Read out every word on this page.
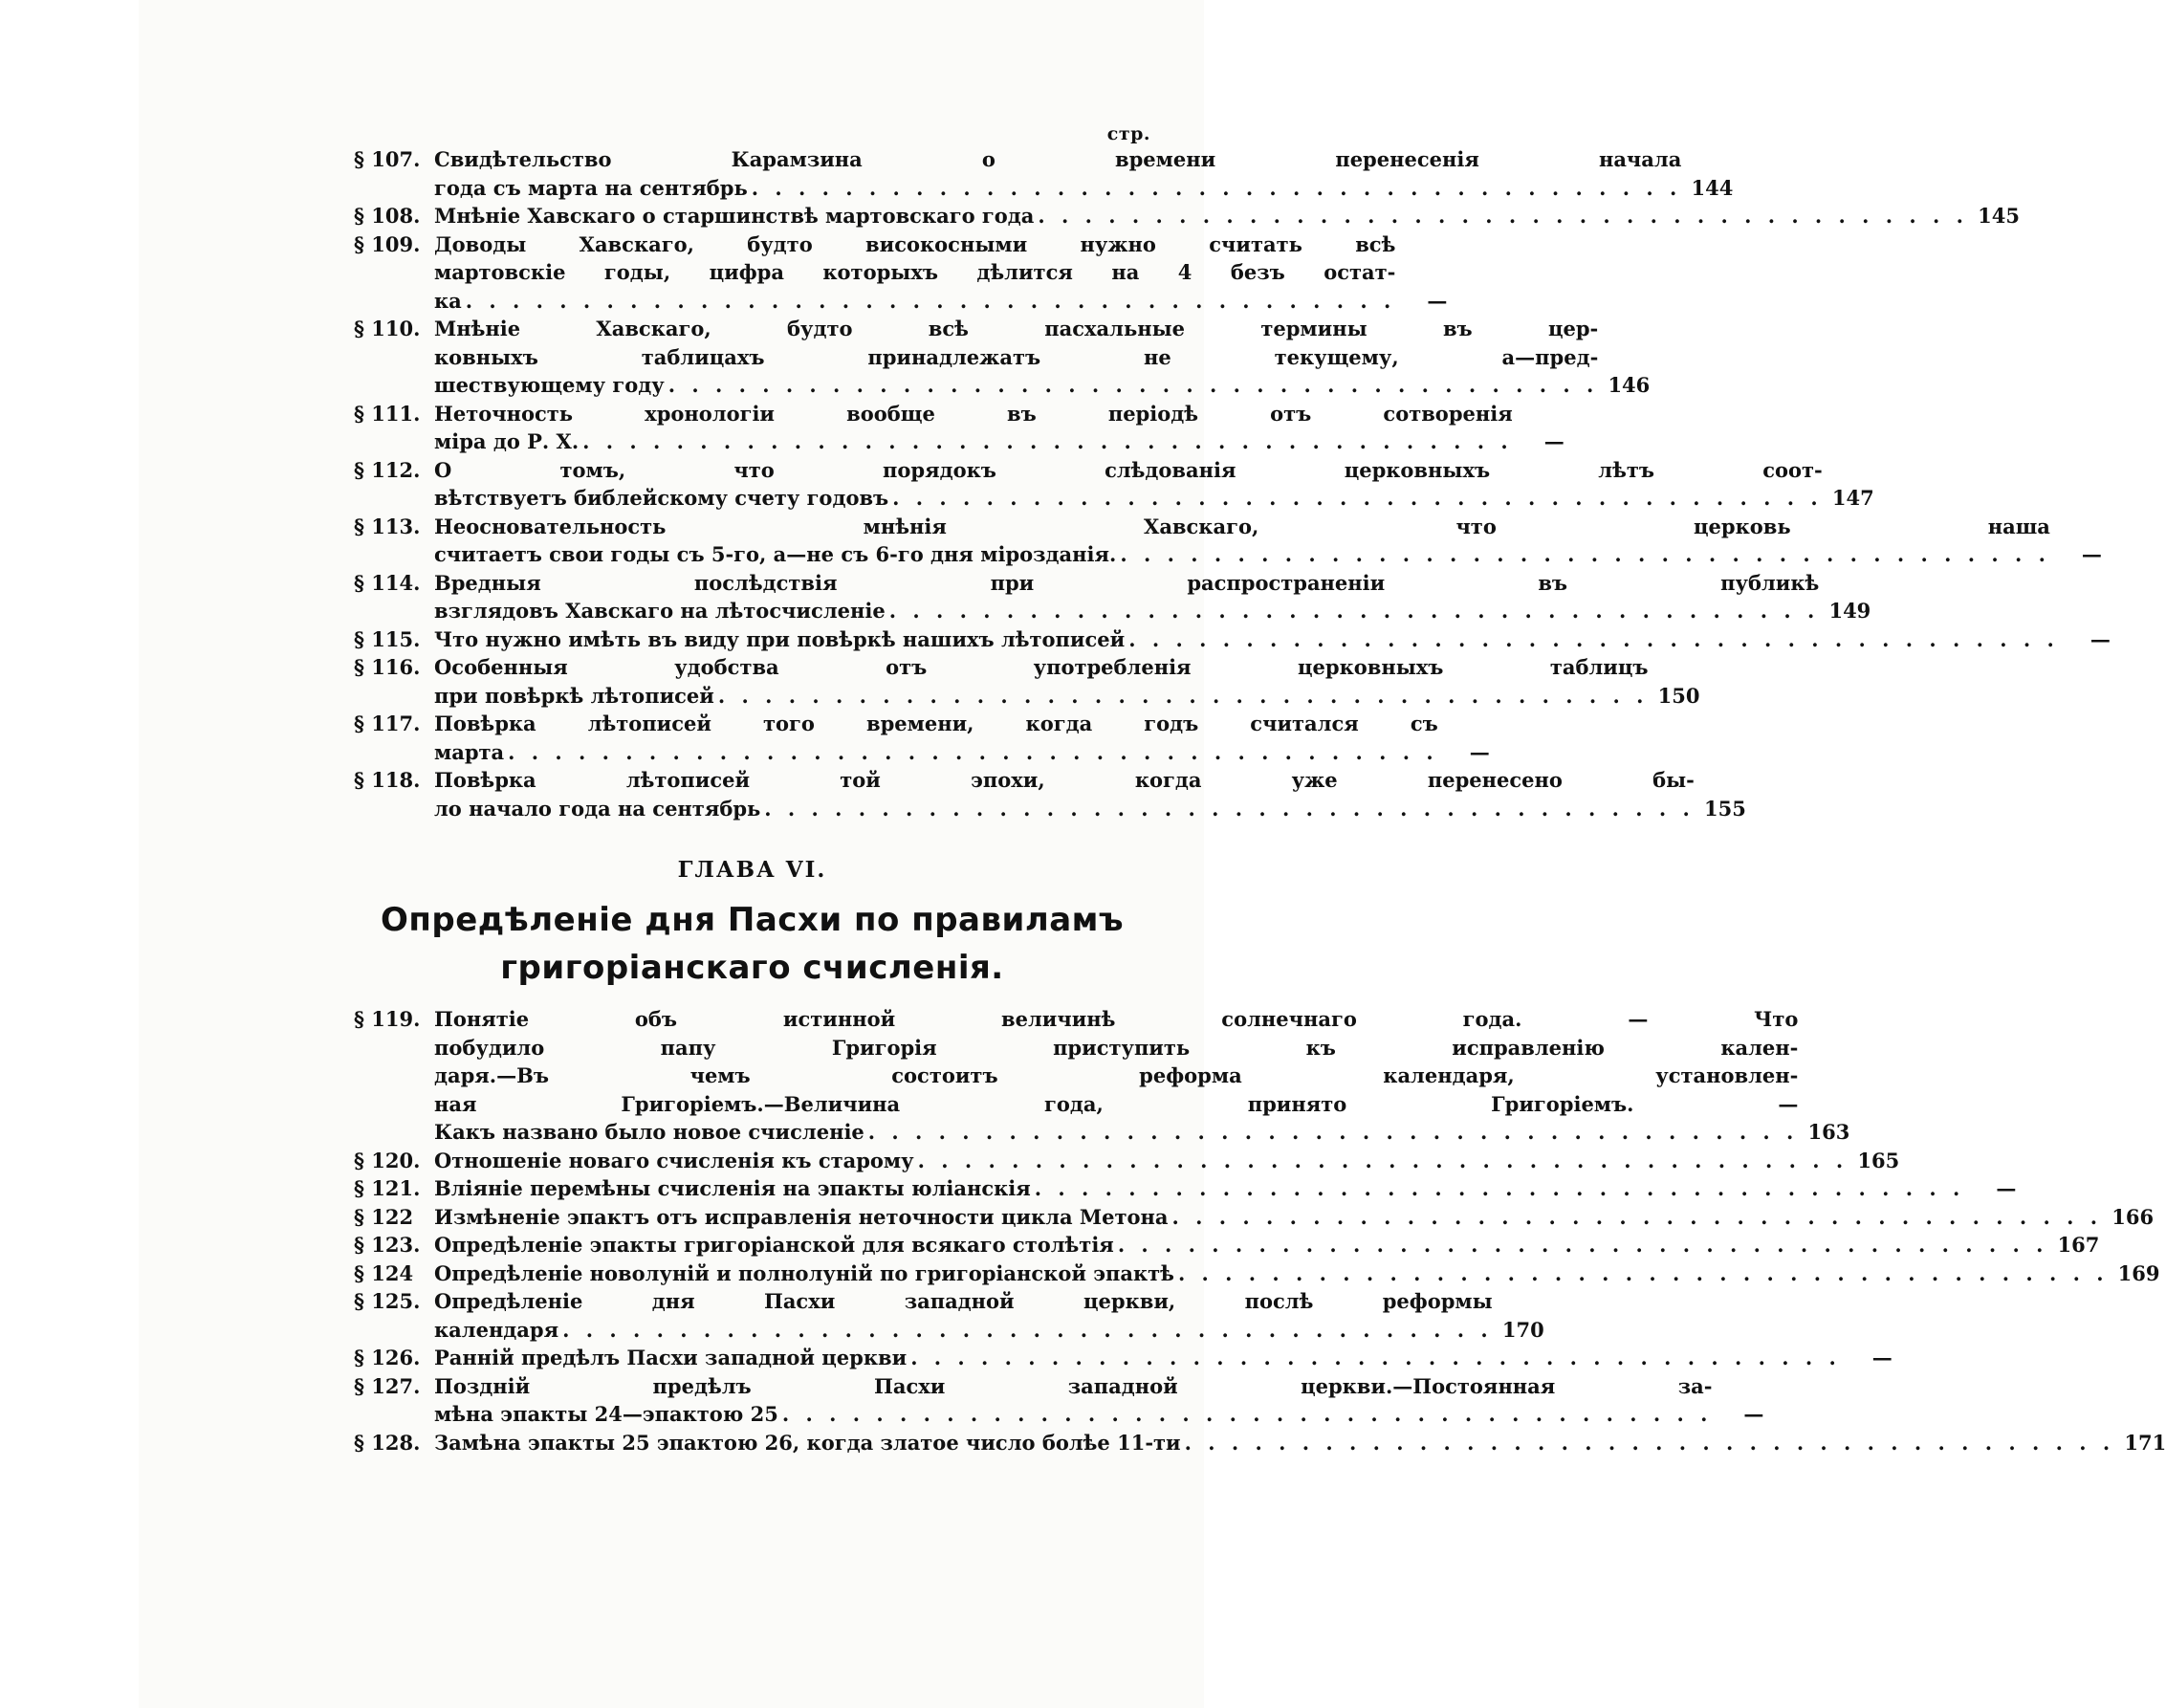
стр.
§ 107. Свидѣтельство Карамзина о времени перенесенія начала
года съ марта на сентябрь . . . . . . . . . . . . . . . . . . . . . . . . . . . . . . . . . . . . . . . . 144
§ 108. Мнѣніе Хавскаго о старшинствѣ мартовскаго года . . . . . . . . . . . . . . . . . . . . . . . . . . . . . . . . . . . . . . . . 145
§ 109. Доводы Хавскаго, будто високосными нужно считать всѣ
мартовскіе годы, цифра которыхъ дѣлится на 4 безъ остат-
ка . . . . . . . . . . . . . . . . . . . . . . . . . . . . . . . . . . . . . . . .	—
§ 110. Мнѣніе Хавскаго, будто всѣ пасхальные термины въ цер-
ковныхъ таблицахъ принадлежатъ не текущему, а—пред-
шествующему году . . . . . . . . . . . . . . . . . . . . . . . . . . . . . . . . . . . . . . . . 146
§ 111. Неточность хронологіи вообще въ періодѣ отъ сотворенія
міра до Р. Х. . . . . . . . . . . . . . . . . . . . . . . . . . . . . . . . . . . . . . . . .	—
§ 112. О томъ, что порядокъ слѣдованія церковныхъ лѣтъ соот-
вѣтствуетъ библейскому счету годовъ . . . . . . . . . . . . . . . . . . . . . . . . . . . . . . . . . . . . . . . . 147
§ 113. Неосновательность мнѣнія Хавскаго, что церковь наша
считаетъ свои годы съ 5-го, а—не съ 6-го дня мірозданія. . . . . . . . . . . . . . . . . . . . . . . . . . . . . . . . . . . . . . . . .	—
§ 114. Вредныя послѣдствія при распространеніи въ публикѣ
взглядовъ Хавскаго на лѣтосчисленіе . . . . . . . . . . . . . . . . . . . . . . . . . . . . . . . . . . . . . . . . 149
§ 115. Что нужно имѣть въ виду при повѣркѣ нашихъ лѣтописей . . . . . . . . . . . . . . . . . . . . . . . . . . . . . . . . . . . . . . . .	—
§ 116. Особенныя удобства отъ употребленія церковныхъ таблицъ
при повѣркѣ лѣтописей . . . . . . . . . . . . . . . . . . . . . . . . . . . . . . . . . . . . . . . . 150
§ 117. Повѣрка лѣтописей того времени, когда годъ считался съ
марта . . . . . . . . . . . . . . . . . . . . . . . . . . . . . . . . . . . . . . . .	—
§ 118. Повѣрка лѣтописей той эпохи, когда уже перенесено бы-
ло начало года на сентябрь . . . . . . . . . . . . . . . . . . . . . . . . . . . . . . . . . . . . . . . . 155
ГЛАВА VI.
Опредѣленіе дня Пасхи по правиламъ
григоріанскаго счисленія.
§ 119. Понятіе объ истинной величинѣ солнечнаго года. — Что
побудило папу Григорія приступить къ исправленію кален-
даря.—Въ чемъ состоитъ реформа календаря, установлен-
ная Григоріемъ.—Величина года, принято Григоріемъ. —
Какъ названо было новое счисленіе . . . . . . . . . . . . . . . . . . . . . . . . . . . . . . . . . . . . . . . . 163
§ 120. Отношеніе новаго счисленія къ старому . . . . . . . . . . . . . . . . . . . . . . . . . . . . . . . . . . . . . . . . 165
§ 121. Вліяніе перемѣны счисленія на эпакты юліанскія . . . . . . . . . . . . . . . . . . . . . . . . . . . . . . . . . . . . . . . .	—
§ 122	Измѣненіе эпактъ отъ исправленія неточности цикла Метона . . . . . . . . . . . . . . . . . . . . . . . . . . . . . . . . . . . . . . . . 166
§ 123. Опредѣленіе эпакты григоріанской для всякаго столѣтія . . . . . . . . . . . . . . . . . . . . . . . . . . . . . . . . . . . . . . . . 167
§ 124	Опредѣленіе новолуній и полнолуній по григоріанской эпактѣ . . . . . . . . . . . . . . . . . . . . . . . . . . . . . . . . . . . . . . . . 169
§ 125. Опредѣленіе дня Пасхи западной церкви, послѣ реформы
календаря . . . . . . . . . . . . . . . . . . . . . . . . . . . . . . . . . . . . . . . . 170
§ 126. Ранній предѣлъ Пасхи западной церкви . . . . . . . . . . . . . . . . . . . . . . . . . . . . . . . . . . . . . . . .	—
§ 127. Поздній предѣлъ Пасхи западной церкви.—Постоянная за-
мѣна эпакты 24—эпактою 25 . . . . . . . . . . . . . . . . . . . . . . . . . . . . . . . . . . . . . . . .	—
§ 128. Замѣна эпакты 25 эпактою 26, когда златое число болѣе 11-ти . . . . . . . . . . . . . . . . . . . . . . . . . . . . . . . . . . . . . . . . 171
